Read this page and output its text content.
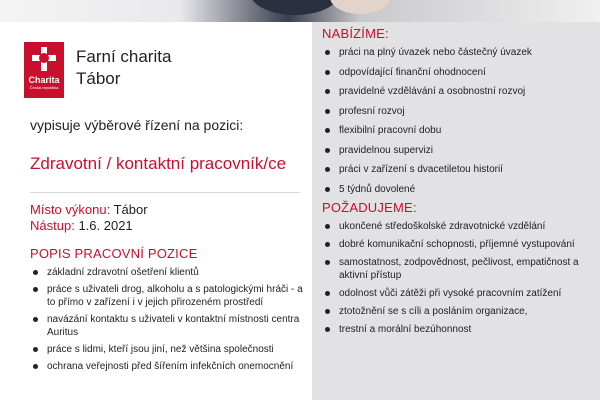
Charita
Česká republika
Farní charita
Tábor
vypisuje výběrové řízení na pozici:
Zdravotní / kontaktní pracovník/ce
Místo výkonu: Tábor
Nástup: 1.6. 2021
POPIS PRACOVNÍ POZICE
základní zdravotní ošetření klientů
práce s uživateli drog, alkoholu a s patologickými hráči - a to přímo v zařízení i v jejich přirozeném prostředí
navázání kontaktu s uživateli v kontaktní místnosti centra Auritus
práce s lidmi, kteří jsou jiní, než většina společnosti
ochrana veřejnosti před šířením infekčních onemocnění
NABÍZÍME:
práci na plný úvazek nebo částečný úvazek
odpovídající finanční ohodnocení
pravidelné vzdělávání a osobnostní rozvoj
profesní rozvoj
flexibilní pracovní dobu
pravidelnou supervizi
práci v zařízení s dvacetiletou historií
5 týdnů dovolené
POŽADUJEME:
ukončené středoškolské zdravotnické vzdělání
dobré komunikační schopnosti, příjemné vystupování
samostatnost, zodpovědnost, pečlivost, empatičnost a aktivní přístup
odolnost vůči zátěži při vysoké pracovním zatížení
ztotožnění se s cíli a posláním organizace,
trestní a morální bezúhonnost
